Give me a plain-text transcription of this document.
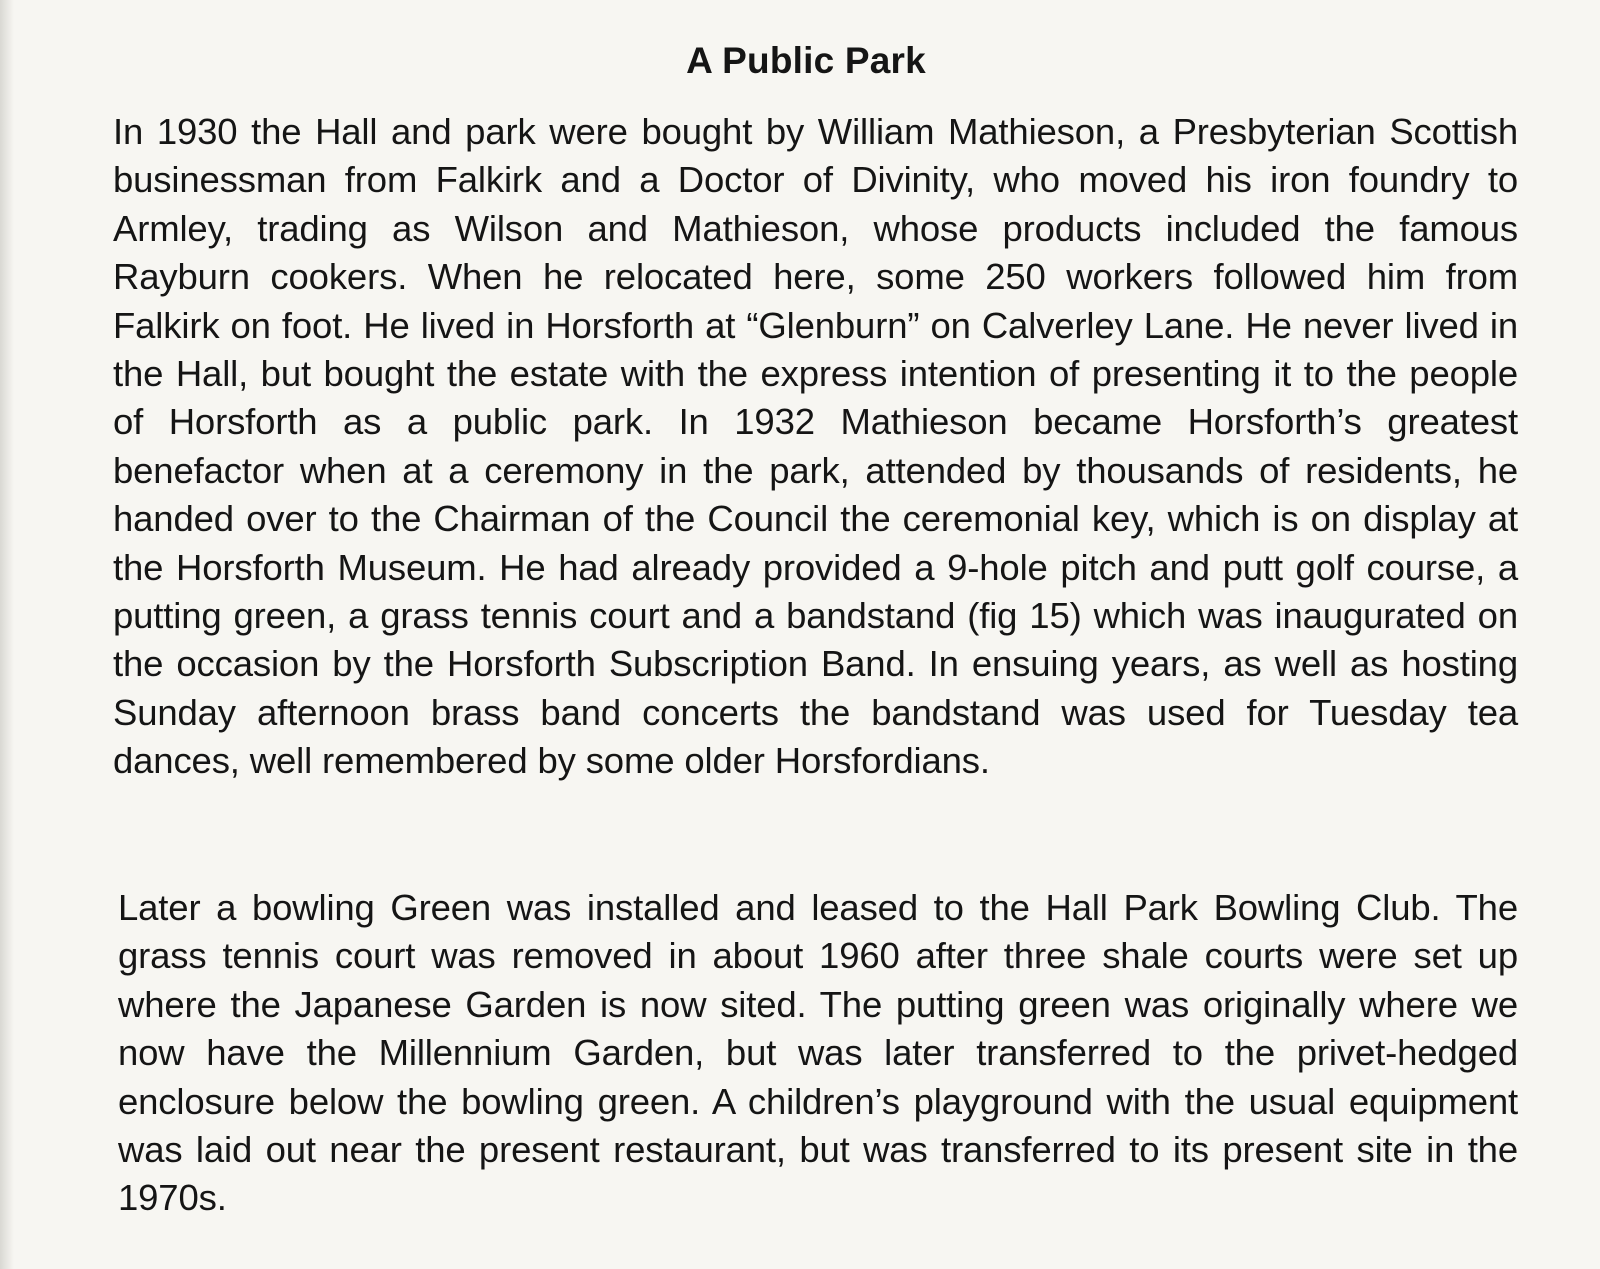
A Public Park

In 1930 the Hall and park were bought by William Mathieson, a Presbyterian Scottish businessman from Falkirk and a Doctor of Divinity, who moved his iron foundry to Armley, trading as Wilson and Mathieson, whose products included the famous Rayburn cookers. When he relocated here, some 250 workers followed him from Falkirk on foot. He lived in Horsforth at “Glenburn” on Calverley Lane. He never lived in the Hall, but bought the estate with the express intention of presenting it to the people of Horsforth as a public park. In 1932 Mathieson became Horsforth’s greatest benefactor when at a ceremony in the park, attended by thousands of residents, he handed over to the Chairman of the Council the ceremonial key, which is on display at the Horsforth Museum. He had already provided a 9-hole pitch and putt golf course, a putting green, a grass tennis court and a bandstand (fig 15) which was inaugurated on the occasion by the Horsforth Subscription Band. In ensuing years, as well as hosting Sunday afternoon brass band concerts the bandstand was used for Tuesday tea dances, well remembered by some older Horsfordians.

Later a bowling Green was installed and leased to the Hall Park Bowling Club. The grass tennis court was removed in about 1960 after three shale courts were set up where the Japanese Garden is now sited. The putting green was originally where we now have the Millennium Garden, but was later transferred to the privet-hedged enclosure below the bowling green. A children’s playground with the usual equipment was laid out near the present restaurant, but was transferred to its present site in the 1970s.
